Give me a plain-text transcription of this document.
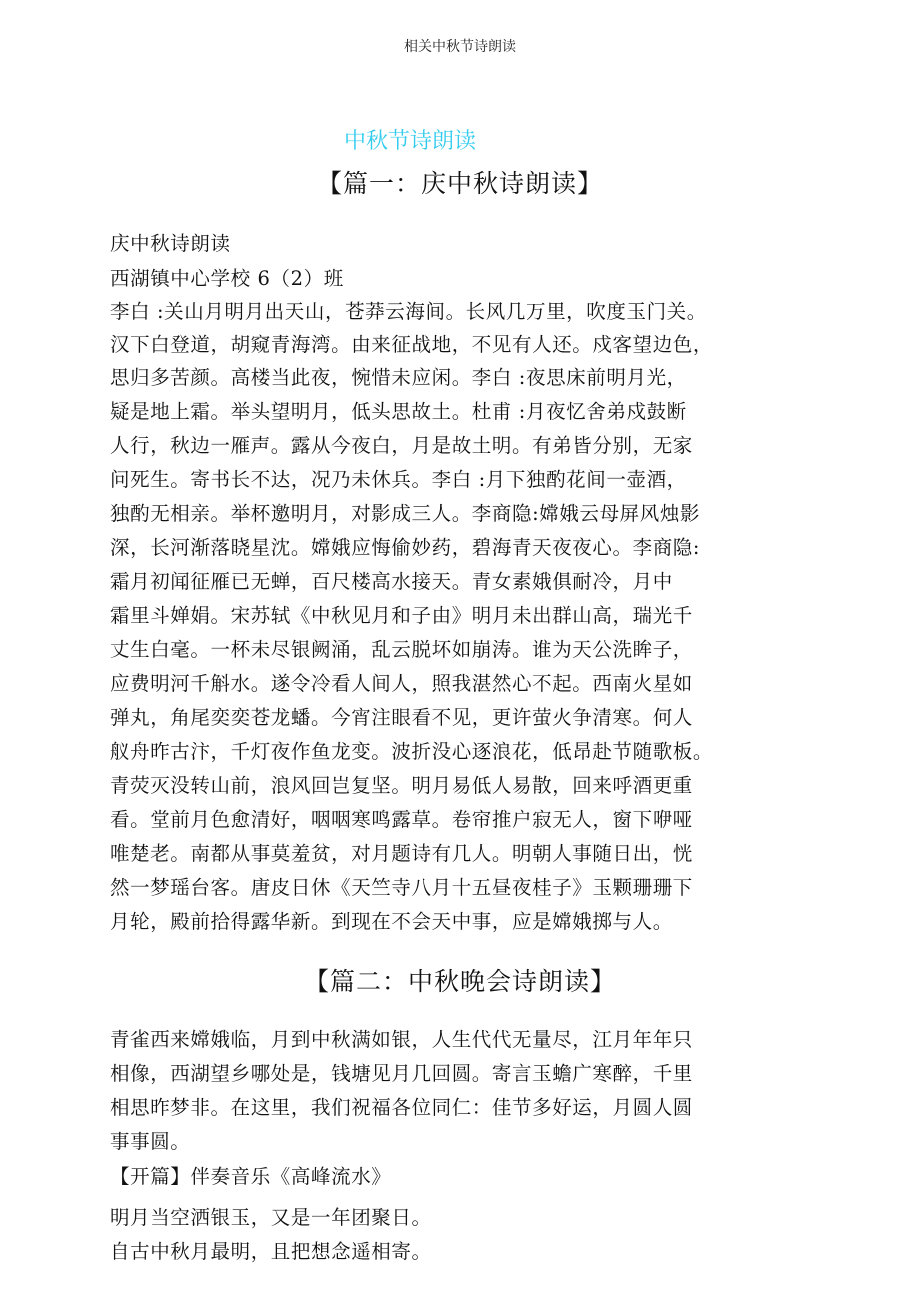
相关中秋节诗朗读
中秋节诗朗读
【篇一：庆中秋诗朗读】
庆中秋诗朗读
西湖镇中心学校 6（2）班
李白 :关山月明月出天山，苍莽云海间。长风几万里，吹度玉门关。
汉下白登道，胡窥青海湾。由来征战地，不见有人还。戍客望边色，
思归多苦颜。高楼当此夜，惋惜未应闲。李白 :夜思床前明月光，
疑是地上霜。举头望明月，低头思故土。杜甫 :月夜忆舍弟戍鼓断
人行，秋边一雁声。露从今夜白，月是故土明。有弟皆分别，无家
问死生。寄书长不达，况乃未休兵。李白 :月下独酌花间一壶酒，
独酌无相亲。举杯邀明月，对影成三人。李商隐:嫦娥云母屏风烛影
深，长河渐落晓星沈。嫦娥应悔偷妙药，碧海青天夜夜心。李商隐:
霜月初闻征雁已无蝉，百尺楼高水接天。青女素娥俱耐冷，月中
霜里斗婵娟。宋苏轼《中秋见月和子由》明月未出群山高，瑞光千
丈生白毫。一杯未尽银阙涌，乱云脱坏如崩涛。谁为天公洗眸子，
应费明河千斛水。遂令冷看人间人，照我湛然心不起。西南火星如
弹丸，角尾奕奕苍龙蟠。今宵注眼看不见，更许萤火争清寒。何人
舣舟昨古汴，千灯夜作鱼龙变。波折没心逐浪花，低昂赴节随歌板。
青荧灭没转山前，浪风回岂复坚。明月易低人易散，回来呼酒更重
看。堂前月色愈清好，咽咽寒鸣露草。卷帘推户寂无人，窗下咿哑
唯楚老。南都从事莫羞贫，对月题诗有几人。明朝人事随日出，恍
然一梦瑶台客。唐皮日休《天竺寺八月十五昼夜桂子》玉颗珊珊下
月轮，殿前拾得露华新。到现在不会天中事，应是嫦娥掷与人。
【篇二：中秋晚会诗朗读】
青雀西来嫦娥临，月到中秋满如银，人生代代无量尽，江月年年只
相像，西湖望乡哪处是，钱塘见月几回圆。寄言玉蟾广寒醉，千里
相思昨梦非。在这里，我们祝福各位同仁：佳节多好运，月圆人圆
事事圆。
【开篇】伴奏音乐《高峰流水》
明月当空洒银玉，又是一年团聚日。
自古中秋月最明，且把想念遥相寄。
